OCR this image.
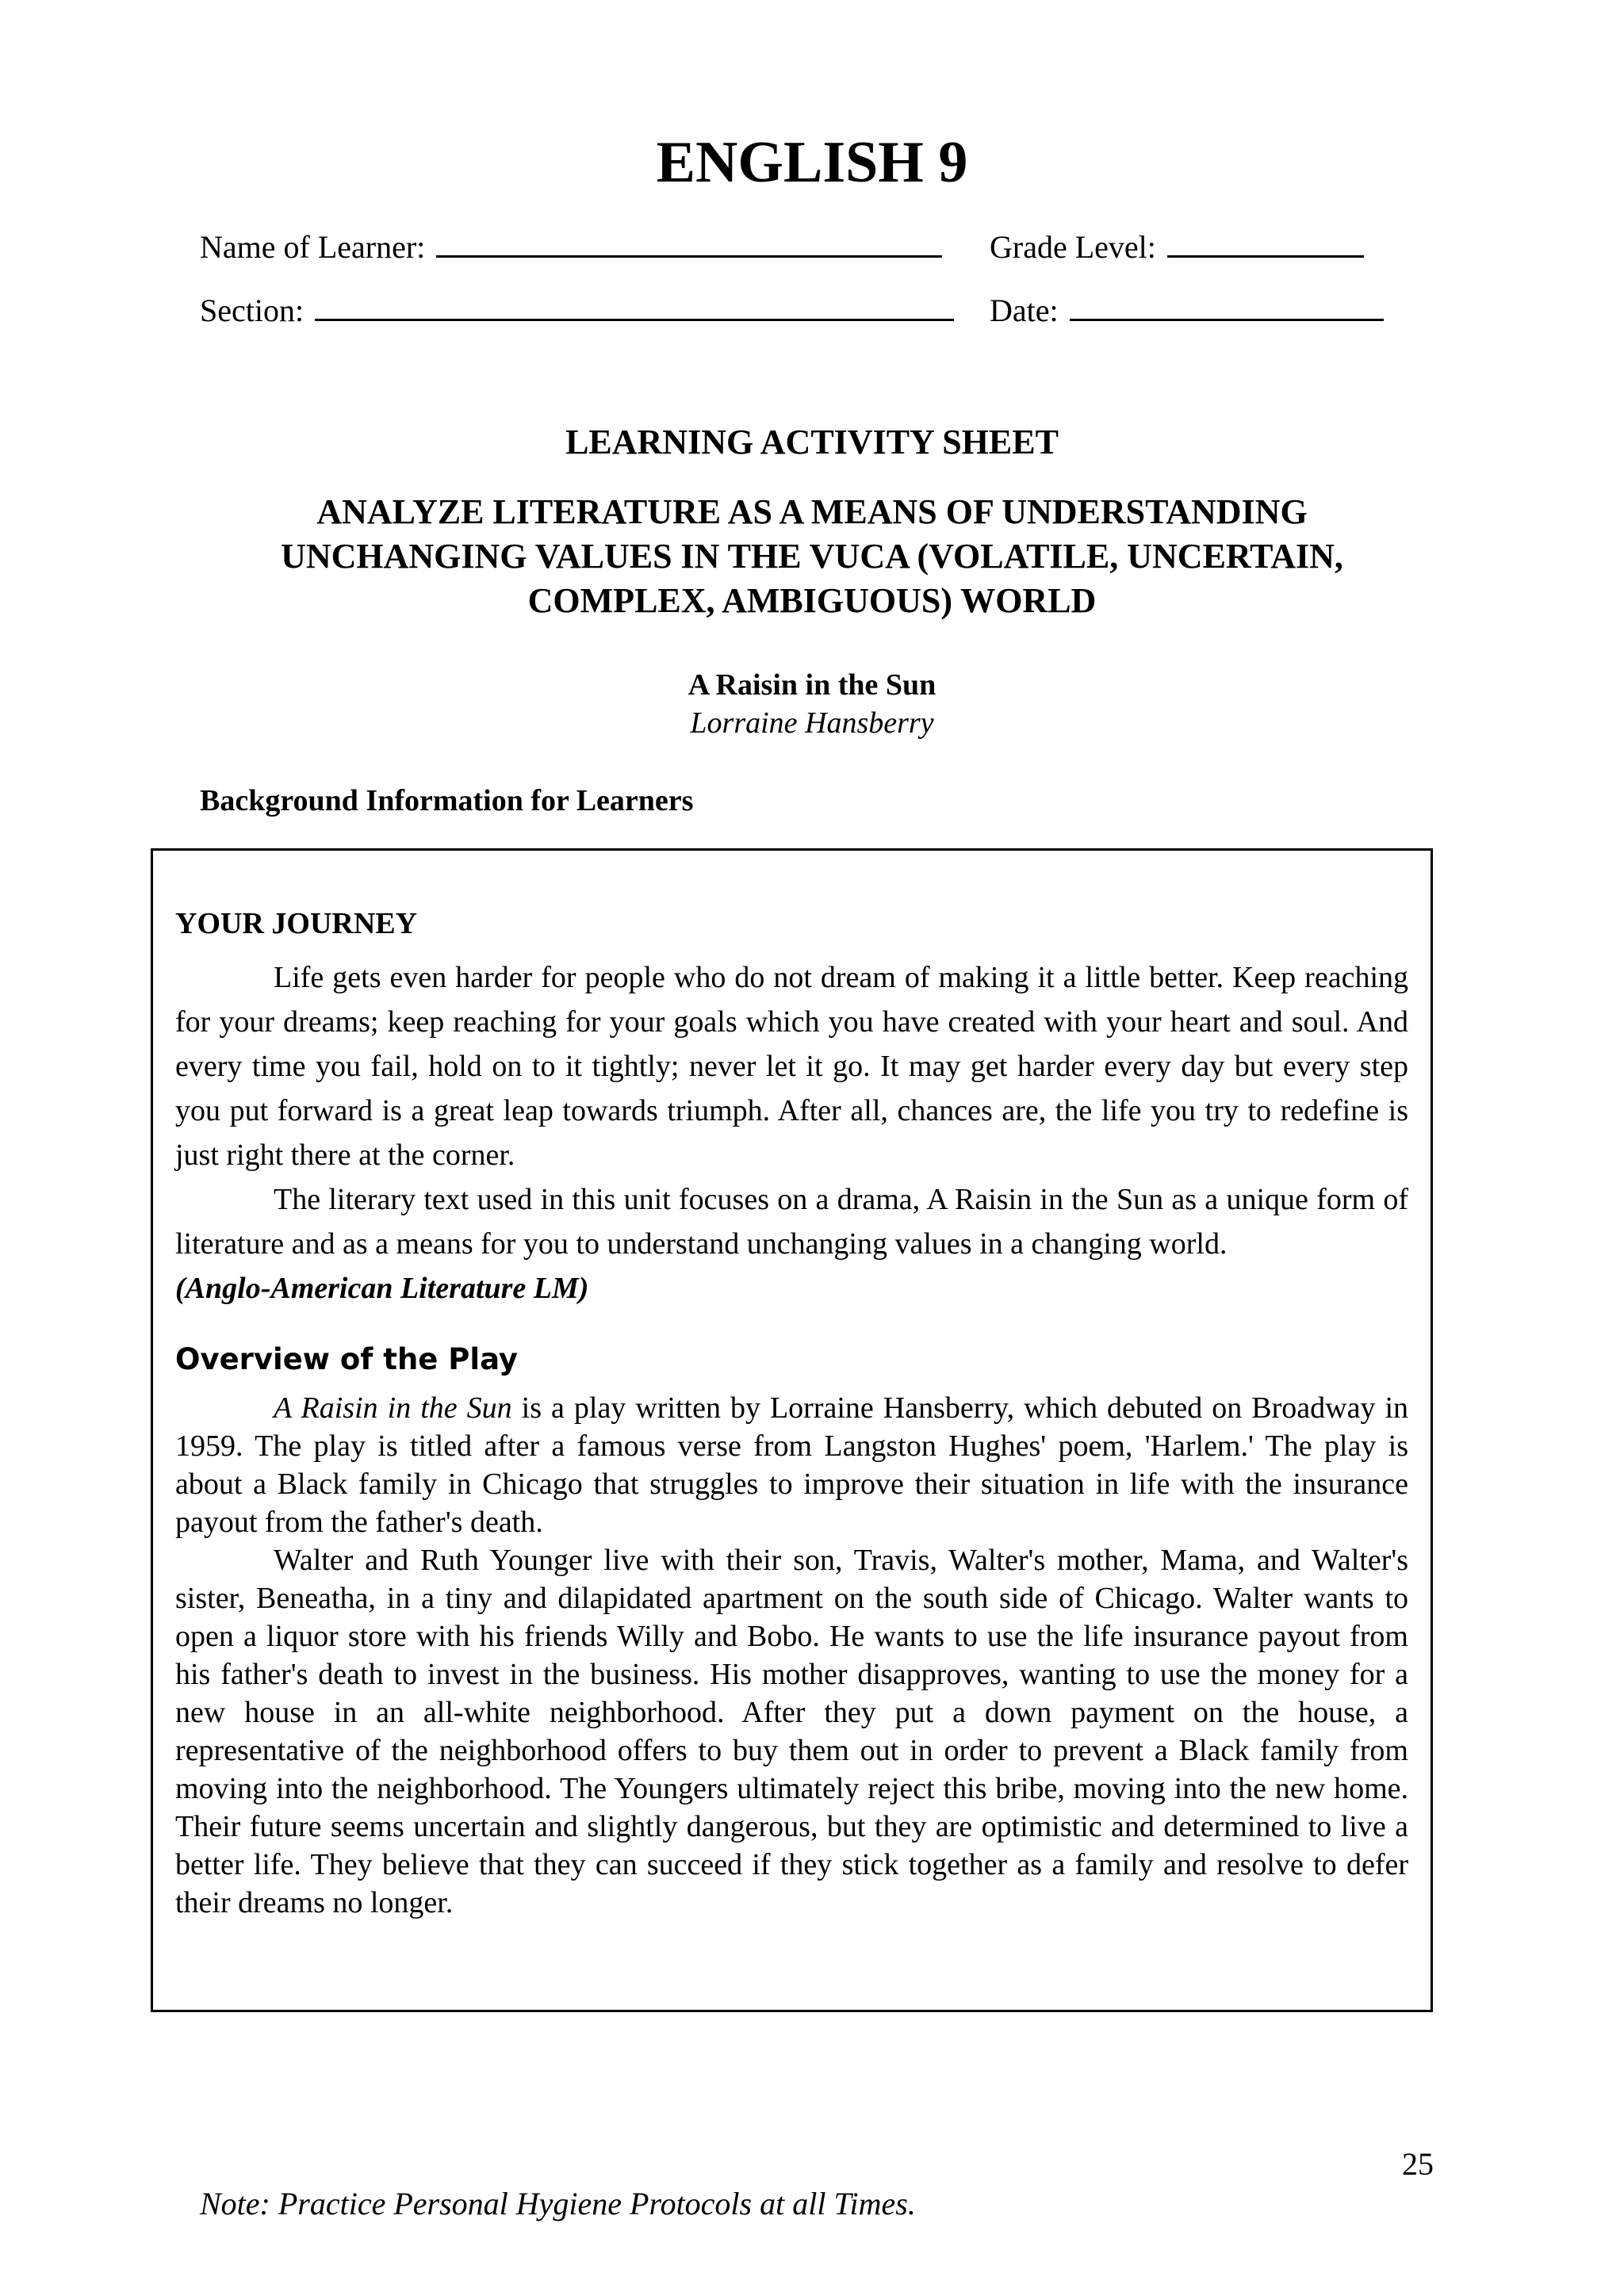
ENGLISH 9
Name of Learner:	Grade Level:
Section:	Date:
LEARNING ACTIVITY SHEET
ANALYZE LITERATURE AS A MEANS OF UNDERSTANDING
UNCHANGING VALUES IN THE VUCA (VOLATILE, UNCERTAIN,
COMPLEX, AMBIGUOUS) WORLD
A Raisin in the Sun
Lorraine Hansberry
Background Information for Learners
YOUR JOURNEY

Life gets even harder for people who do not dream of making it a little better. Keep reaching for your dreams; keep reaching for your goals which you have created with your heart and soul. And every time you fail, hold on to it tightly; never let it go. It may get harder every day but every step you put forward is a great leap towards triumph. After all, chances are, the life you try to redefine is just right there at the corner.

The literary text used in this unit focuses on a drama, A Raisin in the Sun as a unique form of literature and as a means for you to understand unchanging values in a changing world.

(Anglo-American Literature LM)
Overview of the Play

A Raisin in the Sun is a play written by Lorraine Hansberry, which debuted on Broadway in 1959. The play is titled after a famous verse from Langston Hughes' poem, 'Harlem.' The play is about a Black family in Chicago that struggles to improve their situation in life with the insurance payout from the father's death.

Walter and Ruth Younger live with their son, Travis, Walter's mother, Mama, and Walter's sister, Beneatha, in a tiny and dilapidated apartment on the south side of Chicago. Walter wants to open a liquor store with his friends Willy and Bobo. He wants to use the life insurance payout from his father's death to invest in the business. His mother disapproves, wanting to use the money for a new house in an all-white neighborhood. After they put a down payment on the house, a representative of the neighborhood offers to buy them out in order to prevent a Black family from moving into the neighborhood. The Youngers ultimately reject this bribe, moving into the new home. Their future seems uncertain and slightly dangerous, but they are optimistic and determined to live a better life. They believe that they can succeed if they stick together as a family and resolve to defer their dreams no longer.

25
Note: Practice Personal Hygiene Protocols at all Times.
